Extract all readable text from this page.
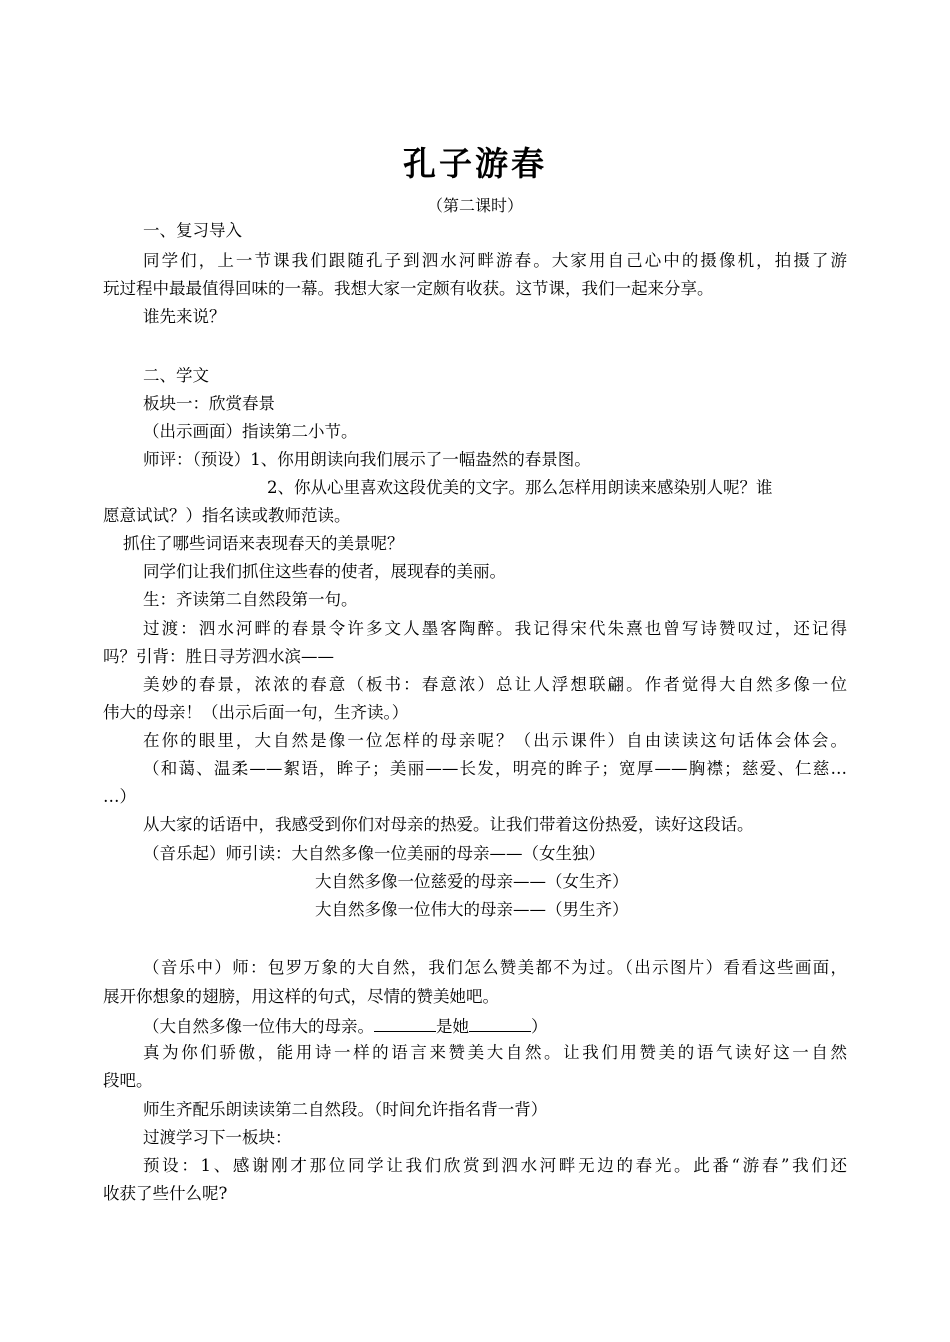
孔子游春
（第二课时）
一、复习导入
同学们，上一节课我们跟随孔子到泗水河畔游春。大家用自己心中的摄像机，拍摄了游
玩过程中最最值得回味的一幕。我想大家一定颇有收获。这节课，我们一起来分享。
谁先来说？
二、学文
板块一：欣赏春景
（出示画面）指读第二小节。
师评：（预设）1、你用朗读向我们展示了一幅盎然的春景图。
2、你从心里喜欢这段优美的文字。那么怎样用朗读来感染别人呢？谁
愿意试试？）指名读或教师范读。
抓住了哪些词语来表现春天的美景呢？
同学们让我们抓住这些春的使者，展现春的美丽。
生：齐读第二自然段第一句。
过渡：泗水河畔的春景令许多文人墨客陶醉。我记得宋代朱熹也曾写诗赞叹过，还记得
吗？引背：胜日寻芳泗水滨——
美妙的春景，浓浓的春意（板书：春意浓）总让人浮想联翩。作者觉得大自然多像一位
伟大的母亲！（出示后面一句，生齐读。）
在你的眼里，大自然是像一位怎样的母亲呢？（出示课件）自由读读这句话体会体会。
（和蔼、温柔——絮语，眸子；美丽——长发，明亮的眸子；宽厚——胸襟；慈爱、仁慈…
…）
从大家的话语中，我感受到你们对母亲的热爱。让我们带着这份热爱，读好这段话。
（音乐起）师引读：大自然多像一位美丽的母亲——（女生独）
大自然多像一位慈爱的母亲——（女生齐）
大自然多像一位伟大的母亲——（男生齐）
（音乐中）师：包罗万象的大自然，我们怎么赞美都不为过。（出示图片）看看这些画面，
展开你想象的翅膀，用这样的句式，尽情的赞美她吧。
（大自然多像一位伟大的母亲。	是她	）
真为你们骄傲，能用诗一样的语言来赞美大自然。让我们用赞美的语气读好这一自然
段吧。
师生齐配乐朗读读第二自然段。（时间允许指名背一背）
过渡学习下一板块：
预设：1、感谢刚才那位同学让我们欣赏到泗水河畔无边的春光。此番“游春”我们还
收获了些什么呢?
